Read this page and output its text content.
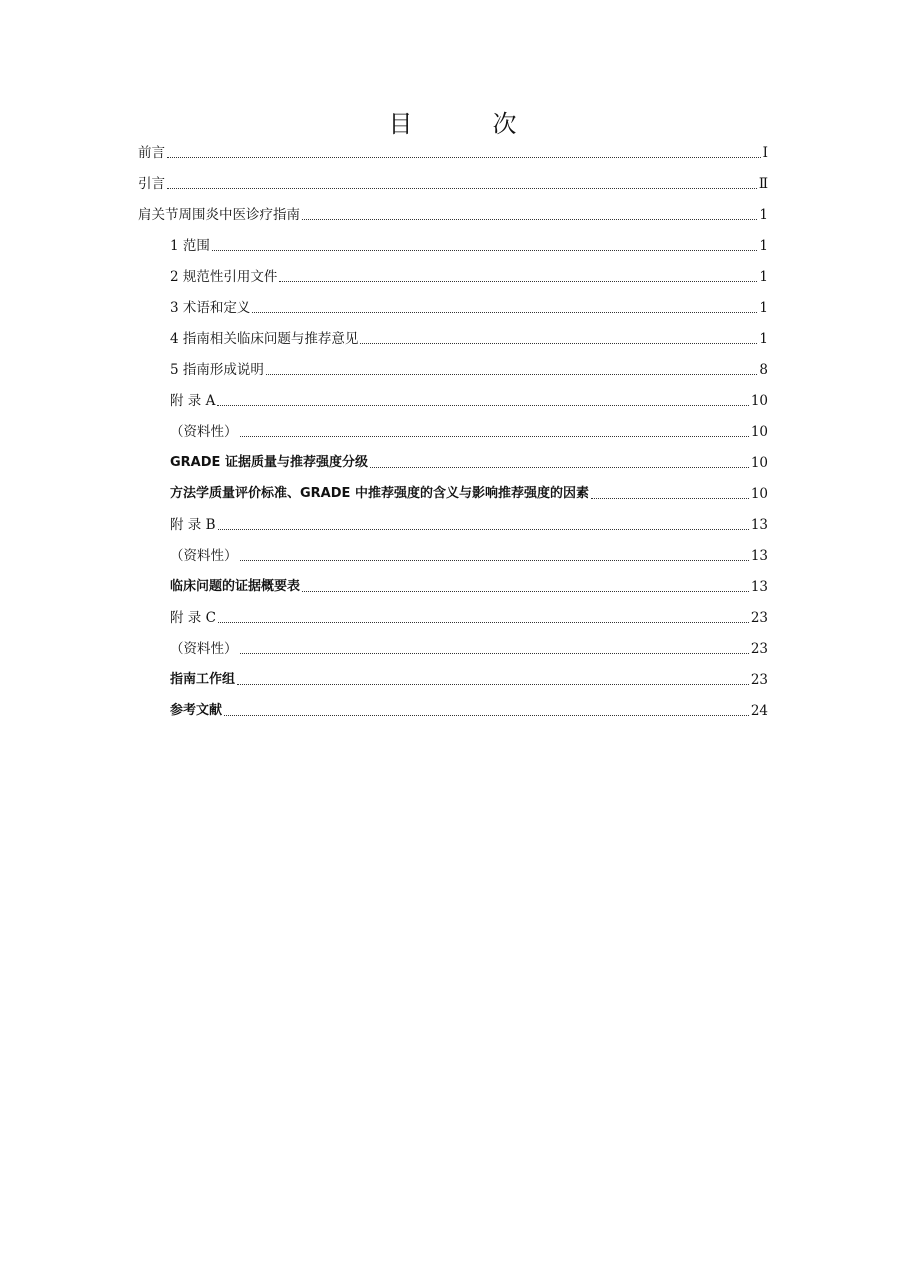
目　次
前言	Ⅰ
引言	Ⅱ
肩关节周围炎中医诊疗指南	1
1 范围	1
2 规范性引用文件	1
3 术语和定义	1
4 指南相关临床问题与推荐意见	1
5 指南形成说明	8
附 录 A	10
（资料性）	10
GRADE 证据质量与推荐强度分级	10
方法学质量评价标准、GRADE 中推荐强度的含义与影响推荐强度的因素	10
附 录 B	13
（资料性）	13
临床问题的证据概要表	13
附 录 C	23
（资料性）	23
指南工作组	23
参考文献	24
